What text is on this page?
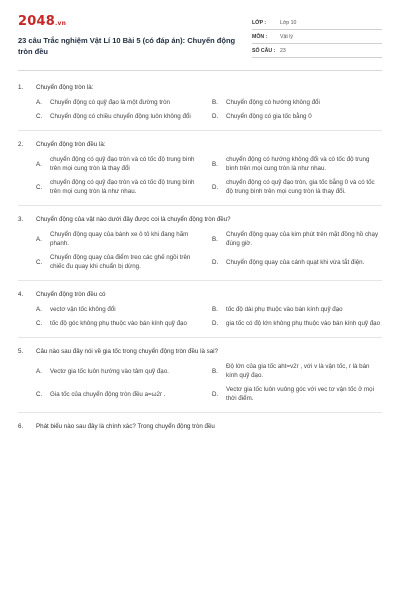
2048.vn
23 câu Trắc nghiệm Vật Lí 10 Bài 5 (có đáp án): Chuyển động tròn đều
LỚP :	Lớp 10
MÔN :	Vật lý
SỐ CÂU : 23
1.	Chuyển động tròn là:
A.	Chuyển động có quỹ đạo là một đường tròn	B.	Chuyển động có hướng không đổi
C.	Chuyển động có chiều chuyển động luôn không đổi	D.	Chuyển động có gia tốc bằng 0
2.	Chuyển động tròn đều là:
A.
chuyển động có quỹ đạo tròn và có tốc độ trung bình trên mọi cung tròn là thay đổi
B.
chuyển động có hướng không đổi và có tốc độ trung bình trên mọi cung tròn là như nhau.
C.
chuyển động có quỹ đạo tròn và có tốc độ trung bình trên mọi cung tròn là như nhau.
D.
chuyển động có quỹ đạo tròn, gia tốc bằng 0 và có tốc độ trung bình trên mọi cung tròn là thay đổi.
3.	Chuyển động của vật nào dưới đây được coi là chuyển động tròn đều?
A.
Chuyển động quay của bánh xe ô tô khi đang hãm phanh.
B.
Chuyển động quay của kim phút trên mặt đồng hồ chạy đúng giờ.
C.
Chuyển động quay của điểm treo các ghế ngồi trên chiếc đu quay khi chuẩn bị dừng.
D.	Chuyển động quay của cánh quạt khi vừa tắt điện.
4.	Chuyển động tròn đều có
A.	vectơ vận tốc không đổi	B.	tốc độ dài phụ thuộc vào bán kính quỹ đạo
C.	tốc độ góc không phụ thuộc vào bán kính quỹ đạo	D.	gia tốc có độ lớn không phụ thuộc vào bán kính quỹ đạo
5.	Câu nào sau đây nói về gia tốc trong chuyển động tròn đều là sai?
A.	Vectơ gia tốc luôn hướng vào tâm quỹ đạo.	B.
Độ lớn của gia tốc aht=v2r , với v là vận tốc, r là bán kính quỹ đạo.
C.	Gia tốc của chuyển động tròn đều a=ω2r .	D.
Vectơ gia tốc luôn vuông góc với vec tơ vận tốc ở mọi thời điểm.
6.	Phát biểu nào sau đây là chính xác? Trong chuyển động tròn đều
